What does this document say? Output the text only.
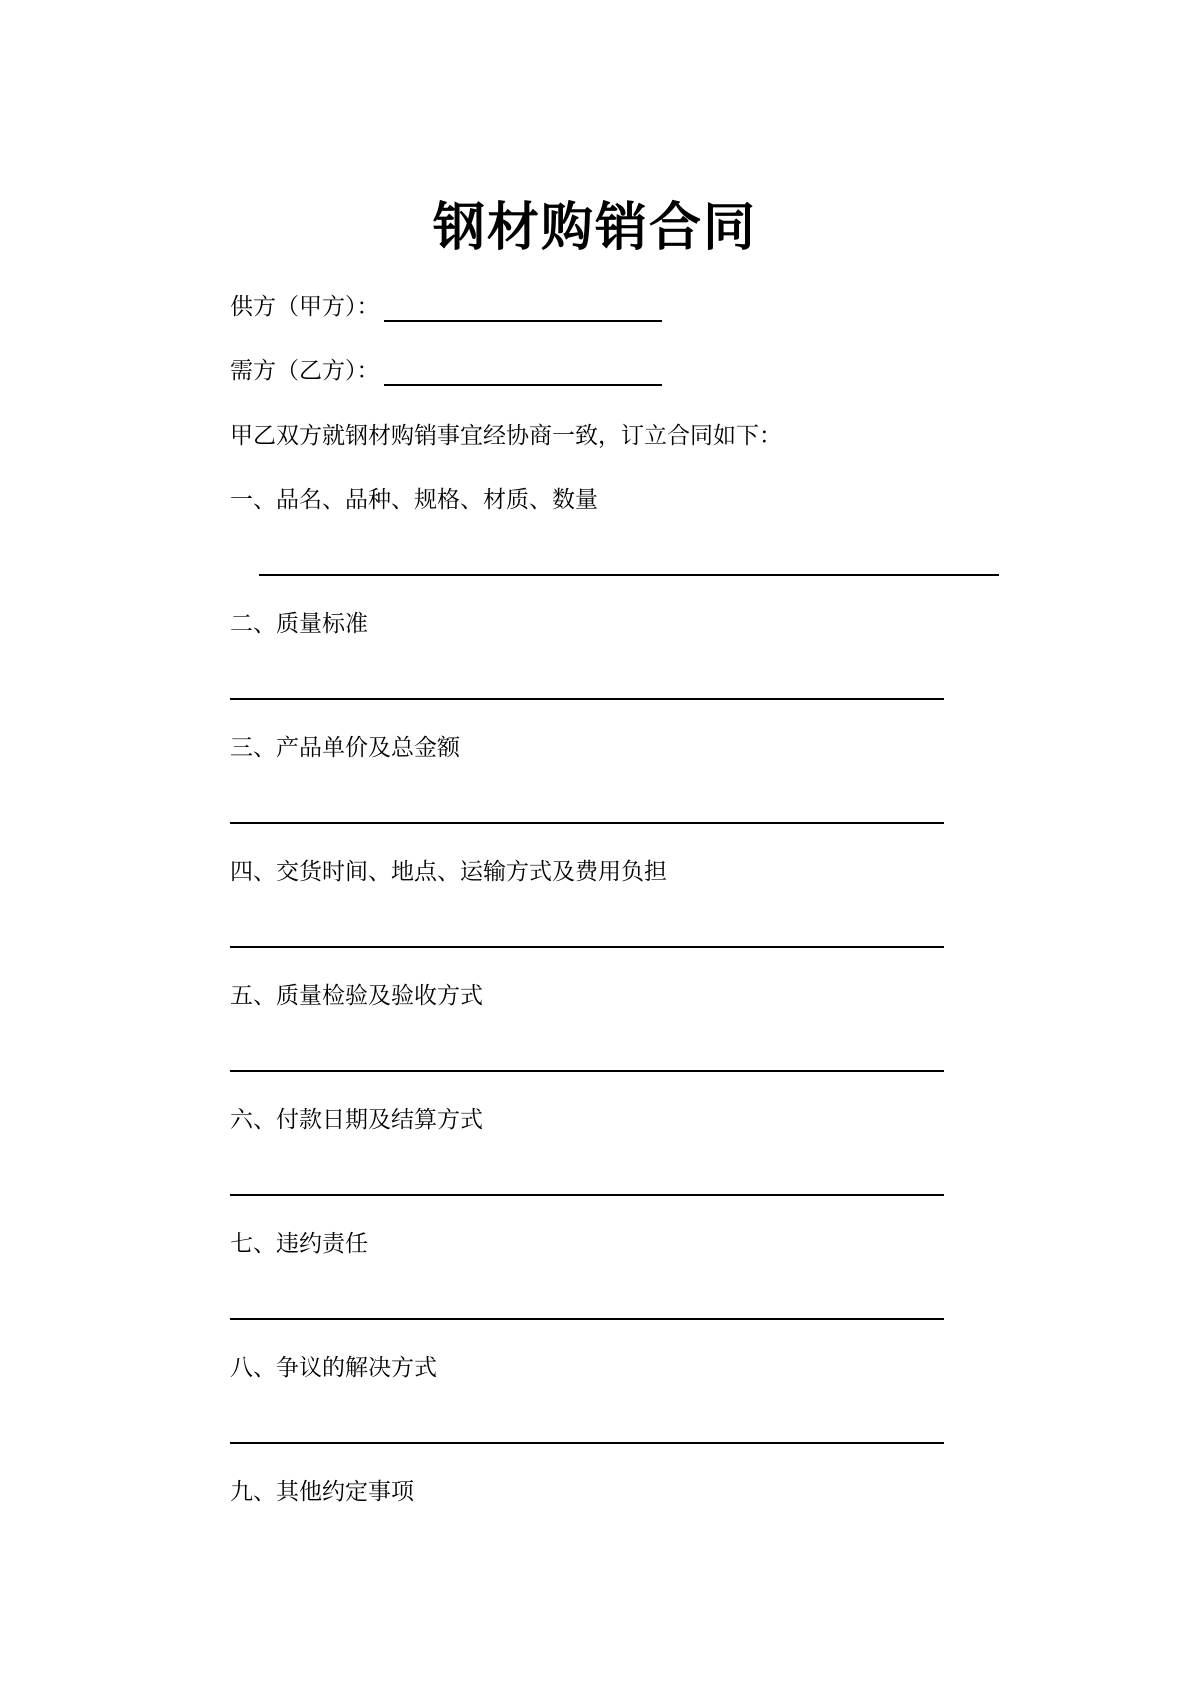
钢材购销合同
供方（甲方）：
需方（乙方）：
甲乙双方就钢材购销事宜经协商一致，订立合同如下：
一、品名、品种、规格、材质、数量
二、质量标准
三、产品单价及总金额
四、交货时间、地点、运输方式及费用负担
五、质量检验及验收方式
六、付款日期及结算方式
七、违约责任
八、争议的解决方式
九、其他约定事项
